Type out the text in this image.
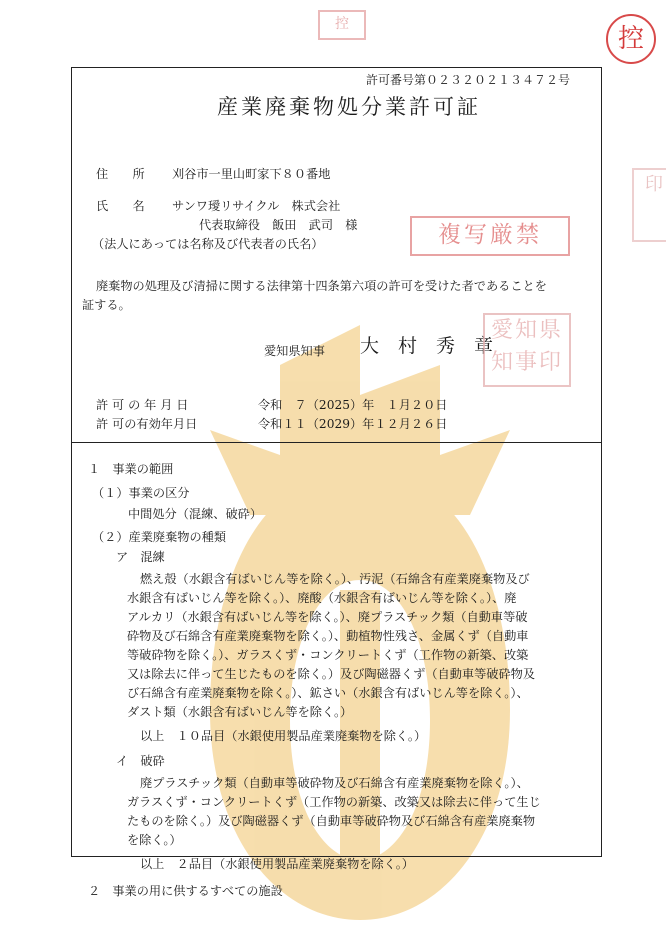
控	控
印
許可番号第０２３２０２１３４７２号
産業廃棄物処分業許可証
住　　所 刈谷市一里山町家下８０番地
氏　　名 サンワ璦リサイクル　株式会社
代表取締役　飯田　武司　様
（法人にあっては名称及び代表者の氏名）	複写厳禁
廃棄物の処理及び清掃に関する法律第十四条第六項の許可を受けた者であることを
証する。
愛知県知事 大　村　秀　章
愛知県知事印
許 可 の 年 月 日	令和　７（2025）年　１月２０日
許 可の有効年月日	令和１１（2029）年１２月２６日
１　事業の範囲
（１）事業の区分
中間処分（混練、破砕）
（２）産業廃棄物の種類
ア　混練
燃え殻（水銀含有ばいじん等を除く。）、汚泥（石綿含有産業廃棄物及び
水銀含有ばいじん等を除く。）、廃酸（水銀含有ばいじん等を除く。）、廃
アルカリ（水銀含有ばいじん等を除く。）、廃プラスチック類（自動車等破
砕物及び石綿含有産業廃棄物を除く。）、動植物性残さ、金属くず（自動車
等破砕物を除く。）、ガラスくず・コンクリートくず（工作物の新築、改築
又は除去に伴って生じたものを除く。）及び陶磁器くず（自動車等破砕物及
び石綿含有産業廃棄物を除く。）、鉱さい（水銀含有ばいじん等を除く。）、
ダスト類（水銀含有ばいじん等を除く。）
以上　１０品目（水銀使用製品産業廃棄物を除く。）
イ　破砕
廃プラスチック類（自動車等破砕物及び石綿含有産業廃棄物を除く。）、
ガラスくず・コンクリートくず（工作物の新築、改築又は除去に伴って生じ
たものを除く。）及び陶磁器くず（自動車等破砕物及び石綿含有産業廃棄物
を除く。）
以上　２品目（水銀使用製品産業廃棄物を除く。）
２　事業の用に供するすべての施設
